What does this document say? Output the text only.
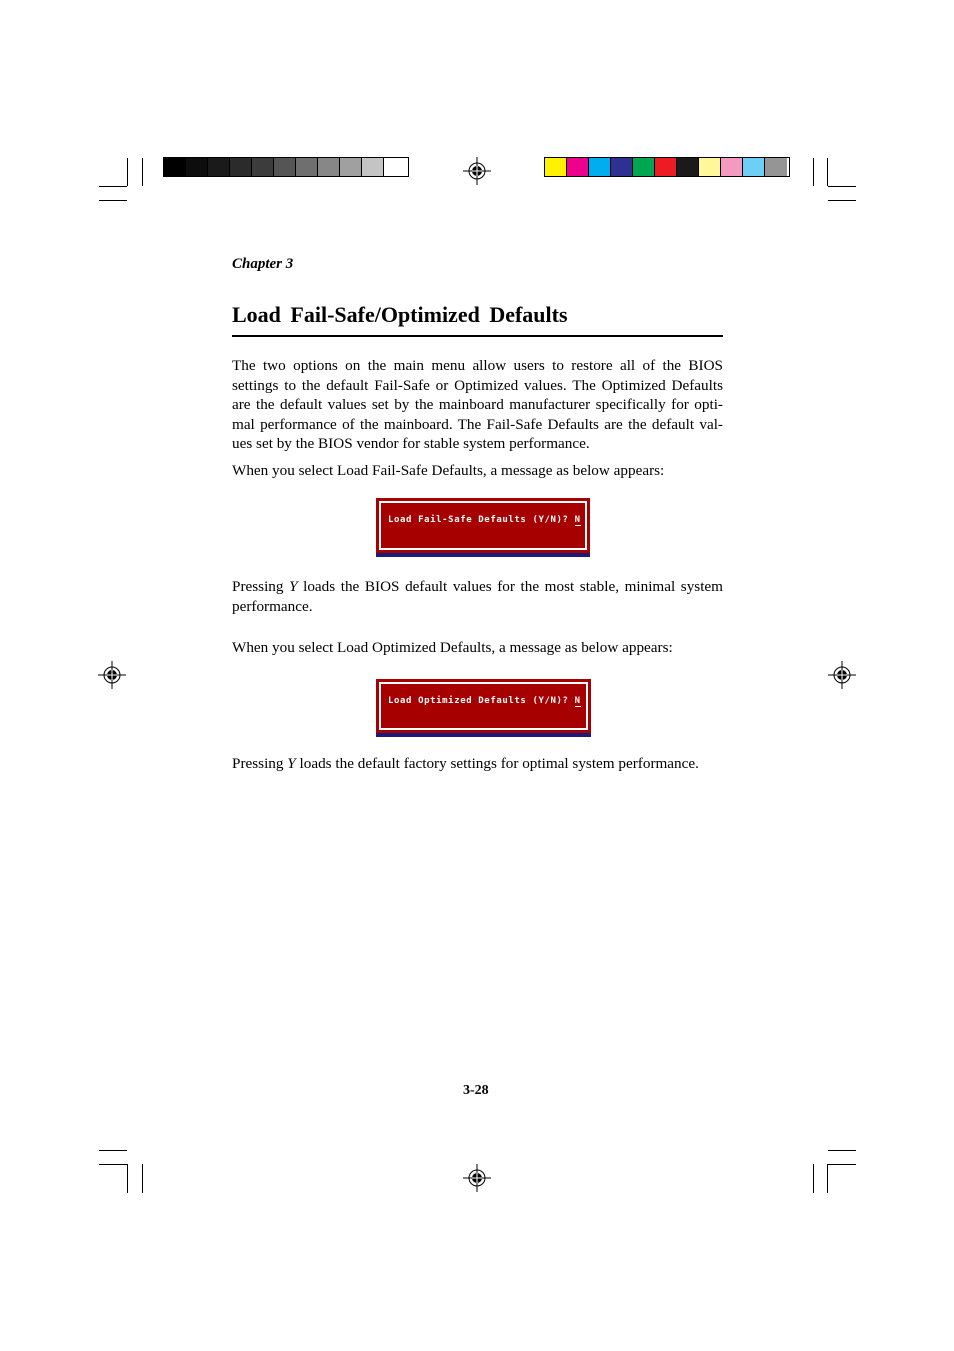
Chapter 3
Load Fail-Safe/Optimized Defaults
The two options on the main menu allow users to restore all of the BIOS settings to the default Fail-Safe or Optimized values. The Optimized Defaults are the default values set by the mainboard manufacturer specifically for opti-mal performance of the mainboard. The Fail-Safe Defaults are the default val-ues set by the BIOS vendor for stable system performance.
When you select Load Fail-Safe Defaults, a message as below appears:
Load Fail-Safe Defaults (Y/N)? N
Pressing Y loads the BIOS default values for the most stable, minimal system performance.
When you select Load Optimized Defaults, a message as below appears:
Load Optimized Defaults (Y/N)? N
Pressing Y loads the default factory settings for optimal system performance.
3-28
